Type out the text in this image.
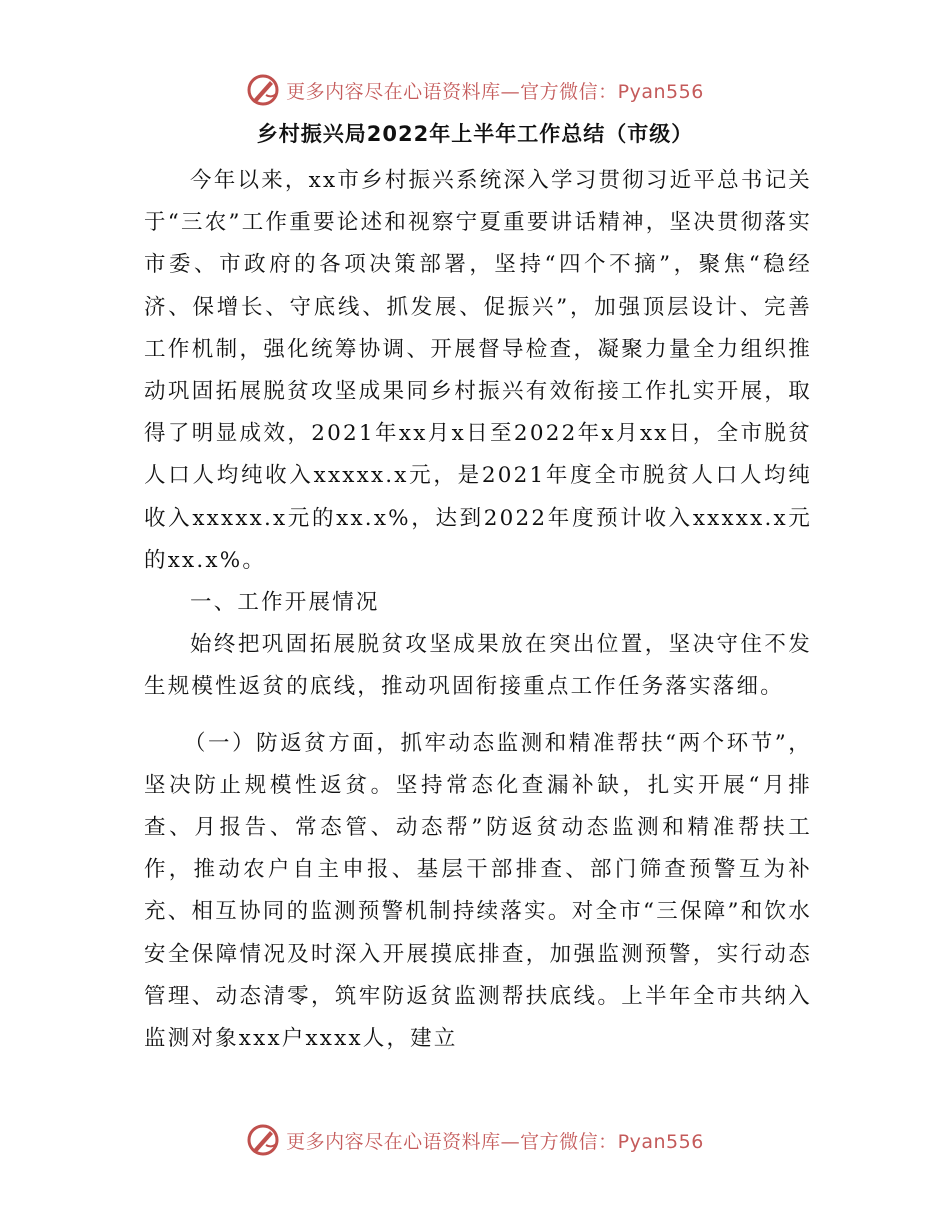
更多内容尽在心语资料库—官方微信：Pyan556
乡村振兴局2022年上半年工作总结（市级）

今年以来，xx市乡村振兴系统深入学习贯彻习近平总书记关于“三农”工作重要论述和视察宁夏重要讲话精神，坚决贯彻落实市委、市政府的各项决策部署，坚持“四个不摘”，聚焦“稳经济、保增长、守底线、抓发展、促振兴”，加强顶层设计、完善工作机制，强化统筹协调、开展督导检查，凝聚力量全力组织推动巩固拓展脱贫攻坚成果同乡村振兴有效衔接工作扎实开展，取得了明显成效，2021年xx月x日至2022年x月xx日，全市脱贫人口人均纯收入xxxxx.x元，是2021年度全市脱贫人口人均纯收入xxxxx.x元的xx.x%，达到2022年度预计收入xxxxx.x元的xx.x%。

一、工作开展情况

始终把巩固拓展脱贫攻坚成果放在突出位置，坚决守住不发生规模性返贫的底线，推动巩固衔接重点工作任务落实落细。

（一）防返贫方面，抓牢动态监测和精准帮扶“两个环节”，坚决防止规模性返贫。坚持常态化查漏补缺，扎实开展“月排查、月报告、常态管、动态帮”防返贫动态监测和精准帮扶工作，推动农户自主申报、基层干部排查、部门筛查预警互为补充、相互协同的监测预警机制持续落实。对全市“三保障”和饮水安全保障情况及时深入开展摸底排查，加强监测预警，实行动态管理、动态清零，筑牢防返贫监测帮扶底线。上半年全市共纳入监测对象xxx户xxxx人，建立

更多内容尽在心语资料库—官方微信：Pyan556
